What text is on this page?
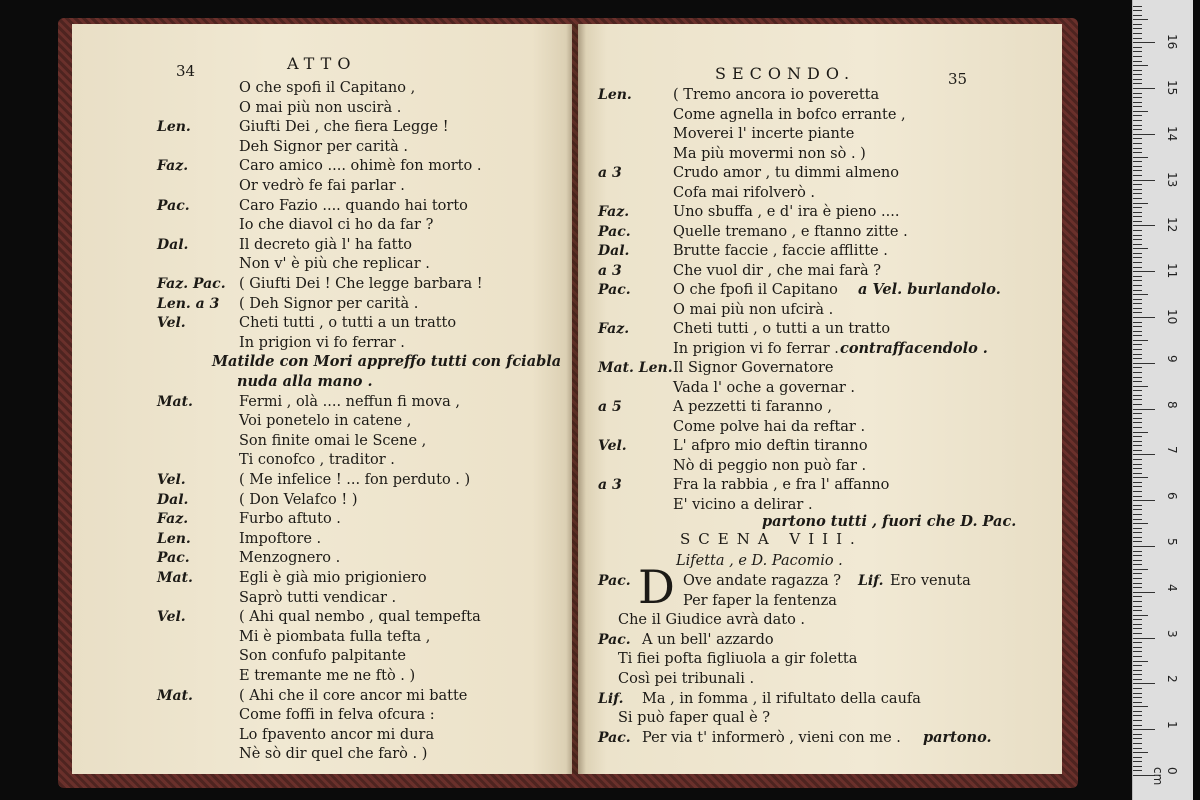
34	ATTO
O che spofi il Capitano ,
O mai più non uscirà .
Len.	Giufti Dei , che fiera Legge !
Deh Signor per carità .
Faz.	Caro amico .... ohimè fon morto .
Or vedrò fe fai parlar .
Pac.	Caro Fazio .... quando hai torto
Io che diavol ci ho da far ?
Dal.	Il decreto già l' ha fatto
Non v' è più che replicar .
Faz. Pac. ( Giufti Dei ! Che legge barbara !
Len. a 3 ( Deh Signor per carità .
Vel.	Cheti tutti , o tutti a un tratto
In prigion vi fo ferrar .
Matilde con Mori appreffo tutti con fciabla
nuda alla mano .
Mat.	Fermi , olà .... neffun fi mova ,
Voi ponetelo in catene ,
Son finite omai le Scene ,
Ti conofco , traditor .
Vel.	( Me infelice ! ... fon perduto . )
Dal.	( Don Velafco ! )
Faz.	Furbo aftuto .
Len.	Impoftore .
Pac.	Menzognero .
Mat.	Egli è già mio prigioniero
Saprò tutti vendicar .
Vel.	( Ahi qual nembo , qual tempefta
Mi è piombata fulla tefta ,
Son confufo palpitante
E tremante me ne ftò . )
Mat.	( Ahi che il core ancor mi batte
Come foffi in felva ofcura :
Lo fpavento ancor mi dura
Nè sò dir quel che farò . )
SECONDO.	35
partono tutti , fuori che D. Pac.
SCENA VIII.
Lifetta , e D. Pacomio .
Len.	( Tremo ancora io poveretta
Come agnella in bofco errante ,
Moverei l' incerte piante
Ma più movermi non sò . )
a 3	Crudo amor , tu dimmi almeno
Cofa mai rifolverò .
Faz.	Uno sbuffa , e d' ira è pieno ....
Pac.	Quelle tremano , e ftanno zitte .
Dal.	Brutte faccie , faccie afflitte .
a 3	Che vuol dir , che mai farà ?
Pac.	O che fpofi il Capitano a Vel. burlandolo.
O mai più non ufcirà .
Faz.	Cheti tutti , o tutti a un tratto
In prigion vi fo ferrar . contraffacendolo .
Mat. Len. Il Signor Governatore
Vada l' oche a governar .
a 5	A pezzetti ti faranno ,
Come polve hai da reftar .
Vel.	L' afpro mio deftin tiranno
Nò di peggio non può far .
a 3	Fra la rabbia , e fra l' affanno
E' vicino a delirar .
Pac. D Ove andate ragazza ? Lif. Ero venuta
Per faper la fentenza
Che il Giudice avrà dato .
Pac. A un bell' azzardo
Ti fiei pofta figliuola a gir foletta
Così pei tribunali .
Lif. Ma , in fomma , il rifultato della caufa
Si può faper qual è ?
Pac. Per via t' informerò , vieni con me . partono.
0 cm
1
2
3
4
5
6
7
8
9
10
11
12
13
14
15
16
